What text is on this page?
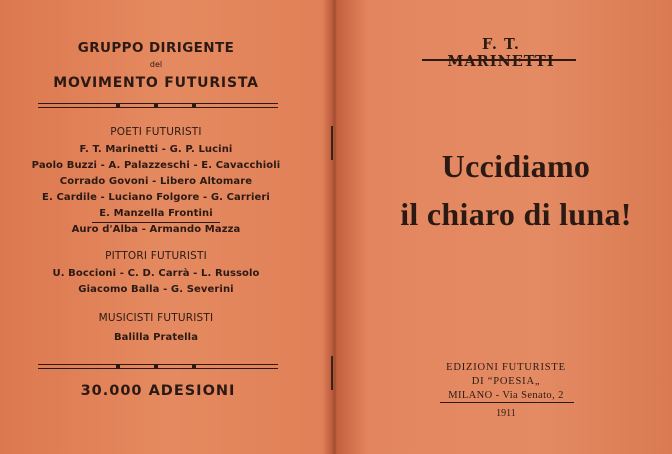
GRUPPO DIRIGENTE
del
MOVIMENTO FUTURISTA
POETI FUTURISTI
F. T. Marinetti - G. P. Lucini
Paolo Buzzi - A. Palazzeschi - E. Cavacchioli
Corrado Govoni - Libero Altomare
E. Cardile - Luciano Folgore - G. Carrieri
E. Manzella Frontini
Auro d'Alba - Armando Mazza
PITTORI FUTURISTI
U. Boccioni - C. D. Carrà - L. Russolo
Giacomo Balla - G. Severini
MUSICISTI FUTURISTI
Balilla Pratella
30.000 ADESIONI
F. T. MARINETTI
Uccidiamo
il chiaro di luna!
EDIZIONI FUTURISTE
DI “POESIA„
MILANO - Via Senato, 2
1911
